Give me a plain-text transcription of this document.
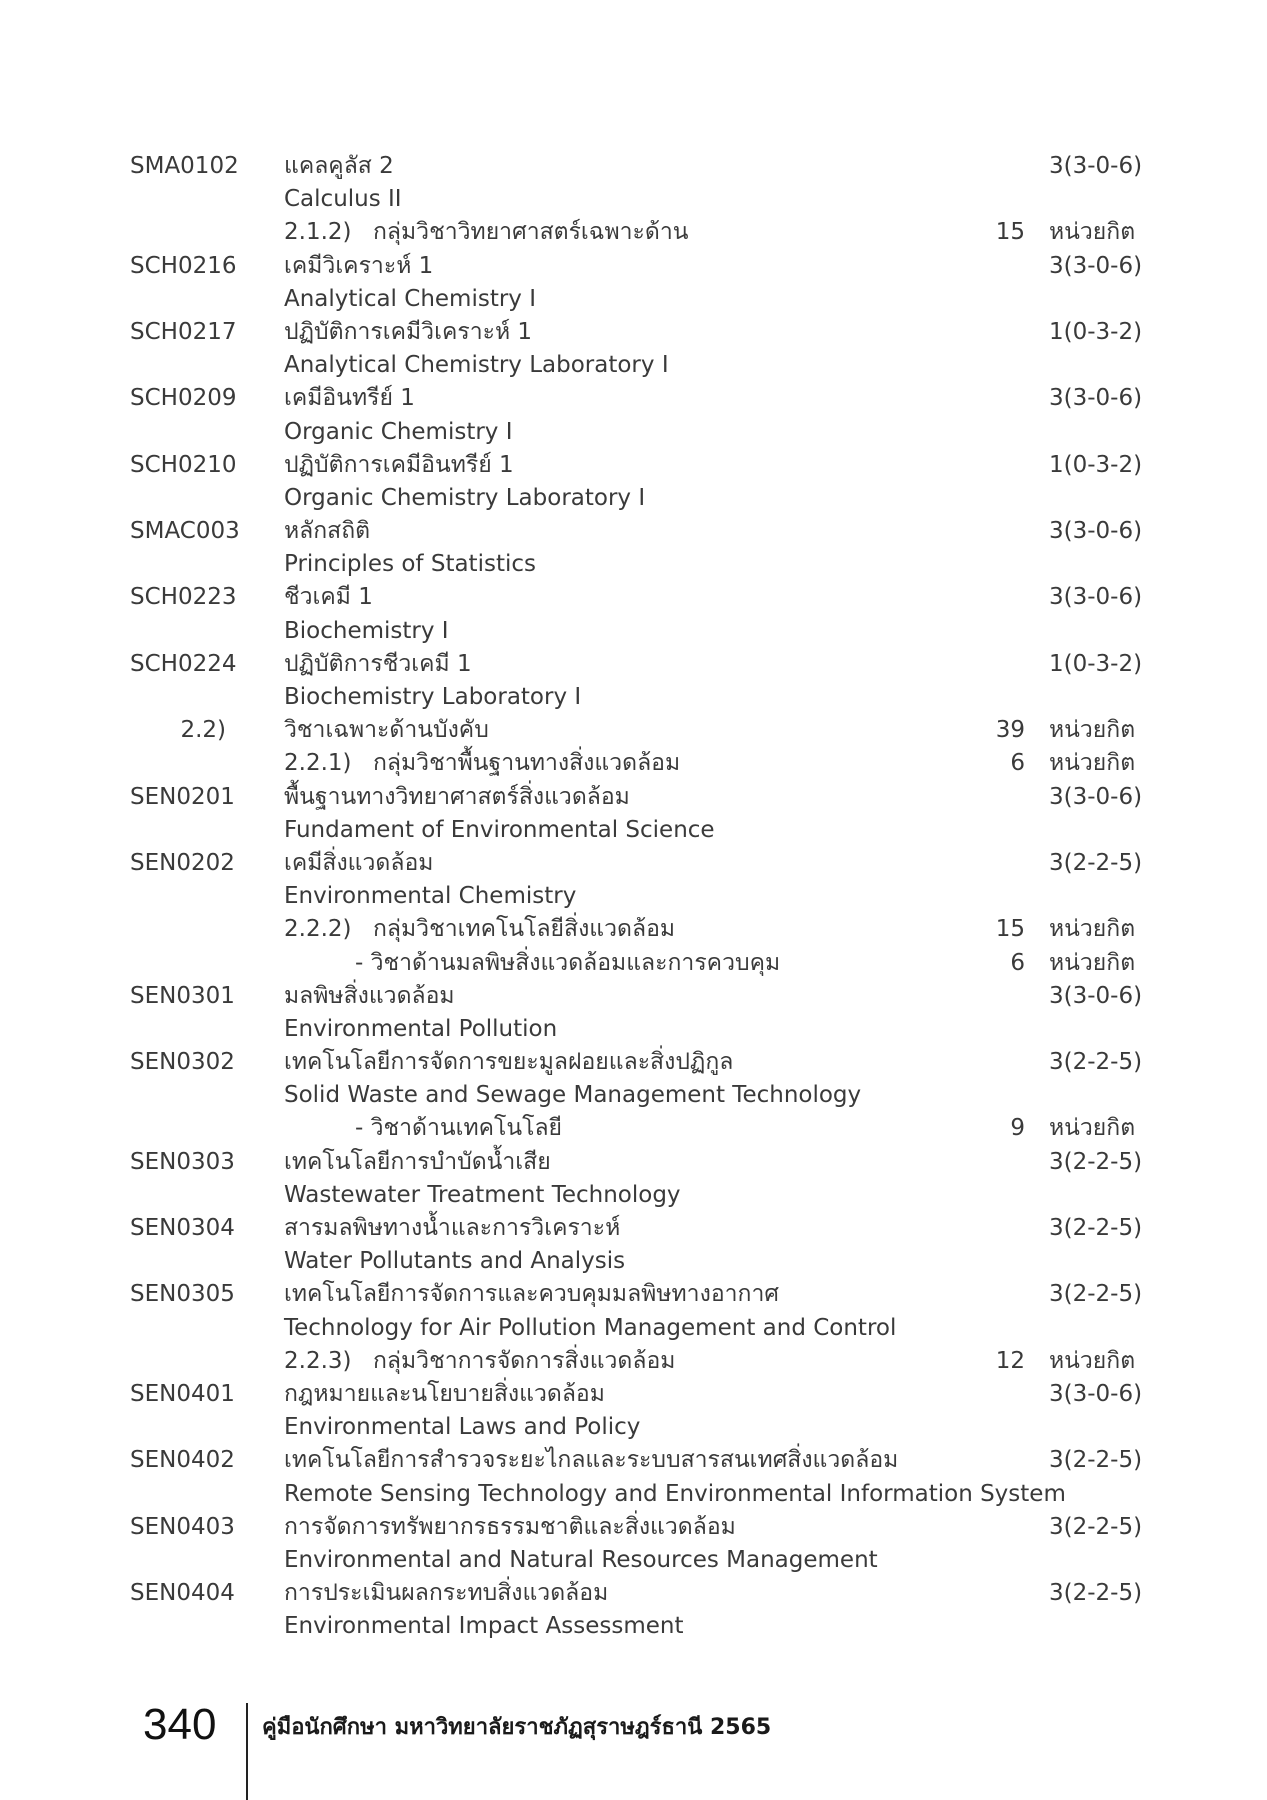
SMA0102 แคลคูลัส 2	3(3-0-6)
Calculus II
2.1.2) กลุ่มวิชาวิทยาศาสตร์เฉพาะด้าน	15 หน่วยกิต
SCH0216 เคมีวิเคราะห์ 1	3(3-0-6)
Analytical Chemistry I
SCH0217 ปฏิบัติการเคมีวิเคราะห์ 1	1(0-3-2)
Analytical Chemistry Laboratory I
SCH0209 เคมีอินทรีย์ 1	3(3-0-6)
Organic Chemistry I
SCH0210 ปฏิบัติการเคมีอินทรีย์ 1	1(0-3-2)
Organic Chemistry Laboratory I
SMAC003 หลักสถิติ	3(3-0-6)
Principles of Statistics
SCH0223 ชีวเคมี 1	3(3-0-6)
Biochemistry I
SCH0224 ปฏิบัติการชีวเคมี 1	1(0-3-2)
Biochemistry Laboratory I
2.2)	วิชาเฉพาะด้านบังคับ	39 หน่วยกิต
2.2.1) กลุ่มวิชาพื้นฐานทางสิ่งแวดล้อม	6 หน่วยกิต
SEN0201 พื้นฐานทางวิทยาศาสตร์สิ่งแวดล้อม	3(3-0-6)
Fundament of Environmental Science
SEN0202 เคมีสิ่งแวดล้อม	3(2-2-5)
Environmental Chemistry
2.2.2) กลุ่มวิชาเทคโนโลยีสิ่งแวดล้อม	15 หน่วยกิต
- วิชาด้านมลพิษสิ่งแวดล้อมและการควบคุม	6 หน่วยกิต
SEN0301 มลพิษสิ่งแวดล้อม	3(3-0-6)
Environmental Pollution
SEN0302 เทคโนโลยีการจัดการขยะมูลฝอยและสิ่งปฏิกูล	3(2-2-5)
Solid Waste and Sewage Management Technology
- วิชาด้านเทคโนโลยี	9 หน่วยกิต
SEN0303 เทคโนโลยีการบำบัดน้ำเสีย	3(2-2-5)
Wastewater Treatment Technology
SEN0304 สารมลพิษทางน้ำและการวิเคราะห์	3(2-2-5)
Water Pollutants and Analysis
SEN0305 เทคโนโลยีการจัดการและควบคุมมลพิษทางอากาศ	3(2-2-5)
Technology for Air Pollution Management and Control
2.2.3) กลุ่มวิชาการจัดการสิ่งแวดล้อม	12 หน่วยกิต
SEN0401 กฎหมายและนโยบายสิ่งแวดล้อม	3(3-0-6)
Environmental Laws and Policy
SEN0402 เทคโนโลยีการสำรวจระยะไกลและระบบสารสนเทศสิ่งแวดล้อม	3(2-2-5)
Remote Sensing Technology and Environmental Information System
SEN0403 การจัดการทรัพยากรธรรมชาติและสิ่งแวดล้อม	3(2-2-5)
Environmental and Natural Resources Management
SEN0404 การประเมินผลกระทบสิ่งแวดล้อม	3(2-2-5)
Environmental Impact Assessment
340 คู่มือนักศึกษา มหาวิทยาลัยราชภัฏสุราษฎร์ธานี 2565
